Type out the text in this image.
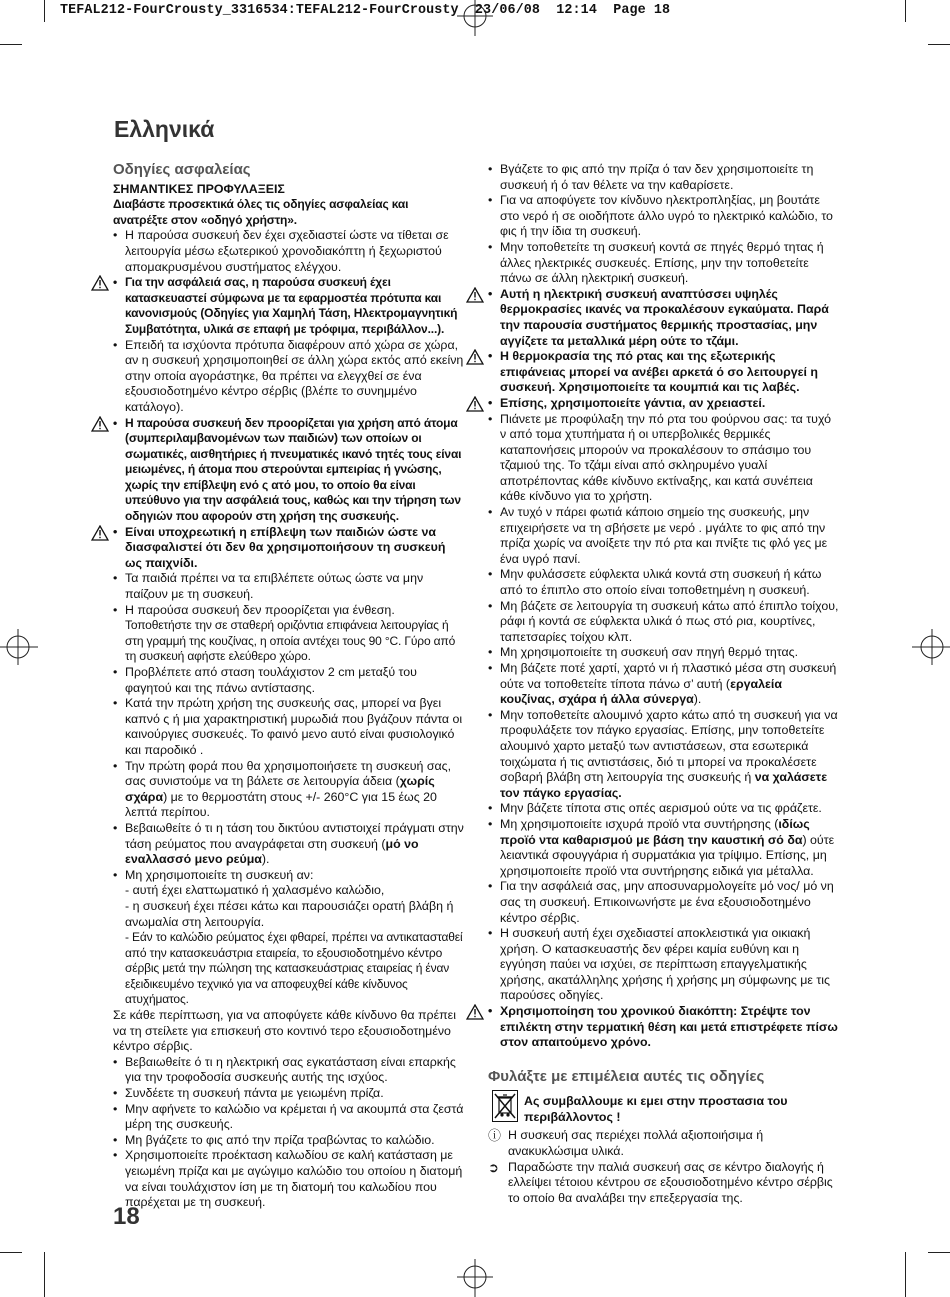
TEFAL212-FourCrousty_3316534:TEFAL212-FourCrousty  23/06/08  12:14  Page 18
Ελληνικά
Οδηγίες ασφαλείας

ΣΗΜΑΝΤΙΚΕΣ ΠΡΟΦΥΛΑΞΕΙΣ

Διαβάστε προσεκτικά όλες τις οδηγίες ασφαλείας και ανατρέξτε στον «οδηγό χρήστη».

• Η παρούσα συσκευή δεν έχει σχεδιαστεί ώστε να τίθεται σε λειτουργία μέσω εξωτερικού χρονοδιακόπτη ή ξεχωριστού απομακρυσμένου συστήματος ελέγχου.

• Για την ασφάλειά σας, η παρούσα συσκευή έχει κατασκευαστεί σύμφωνα με τα εφαρμοστέα πρότυπα και κανονισμούς (Οδηγίες για Χαμηλή Τάση, Ηλεκτρομαγνητική Συμβατότητα, υλικά σε επαφή με τρόφιμα, περιβάλλον...).

• Επειδή τα ισχύοντα πρότυπα διαφέρουν από χώρα σε χώρα, αν η συσκευή χρησιμοποιηθεί σε άλλη χώρα εκτός από εκείνη στην οποία αγοράστηκε, θα πρέπει να ελεγχθεί σε ένα εξουσιοδοτημένο κέντρο σέρβις (βλέπε το συνημμένο κατάλογο).

• Η παρούσα συσκευή δεν προορίζεται για χρήση από άτομα (συμπεριλαμβανομένων των παιδιών) των οποίων οι σωματικές, αισθητήριες ή πνευματικές ικανό τητές τους είναι μειωμένες, ή άτομα που στερούνται εμπειρίας ή γνώσης, χωρίς την επίβλεψη ενό ς ατό μου, το οποίο θα είναι υπεύθυνο για την ασφάλειά τους, καθώς και την τήρηση των οδηγιών που αφορούν στη χρήση της συσκευής.

• Είναι υποχρεωτική η επίβλεψη των παιδιών ώστε να διασφαλιστεί ότι δεν θα χρησιμοποιήσουν τη συσκευή ως παιχνίδι.

• Τα παιδιά πρέπει να τα επιβλέπετε ούτως ώστε να μην παίζουν με τη συσκευή.

• Η παρούσα συσκευή δεν προορίζεται για ένθεση.

Τοποθετήστε την σε σταθερή οριζόντια επιφάνεια λειτουργίας ή στη γραμμή της κουζίνας, η οποία αντέχει τους 90 °C. Γύρο από τη συσκευή αφήστε ελεύθερο χώρο.

• Προβλέπετε από σταση τουλάχιστον 2 cm μεταξύ του φαγητού και της πάνω αντίστασης.

• Κατά την πρώτη χρήση της συσκευής σας, μπορεί να βγει καπνό ς ή μια χαρακτηριστική μυρωδιά που βγάζουν πάντα οι καινούργιες συσκευές. Το φαινό μενο αυτό είναι φυσιολογικό και παροδικό .

• Την πρώτη φορά που θα χρησιμοποιήσετε τη συσκευή σας, σας συνιστούμε να τη βάλετε σε λειτουργία άδεια (χωρίς σχάρα) με το θερμοστάτη στους +/- 260°C για 15 έως 20 λεπτά περίπου.

• Βεβαιωθείτε ό τι η τάση του δικτύου αντιστοιχεί πράγματι στην τάση ρεύματος που αναγράφεται στη συσκευή (μό νο εναλλασσό μενο ρεύμα).

• Μη χρησιμοποιείτε τη συσκευή αν:

- αυτή έχει ελαττωματικό ή χαλασμένο καλώδιο,

- η συσκευή έχει πέσει κάτω και παρουσιάζει ορατή βλάβη ή ανωμαλία στη λειτουργία.

- Εάν το καλώδιο ρεύματος έχει φθαρεί, πρέπει να αντικατασταθεί από την κατασκευάστρια εταιρεία, το εξουσιοδοτημένο κέντρο σέρβις μετά την πώληση της κατασκευάστριας εταιρείας ή έναν εξειδικευμένο τεχνικό για να αποφευχθεί κάθε κίνδυνος ατυχήματος.

Σε κάθε περίπτωση, για να αποφύγετε κάθε κίνδυνο θα πρέπει να τη στείλετε για επισκευή στο κοντινό τερο εξουσιοδοτημένο κέντρο σέρβις.

• Βεβαιωθείτε ό τι η ηλεκτρική σας εγκατάσταση είναι επαρκής για την τροφοδοσία συσκευής αυτής της ισχύος.

• Συνδέετε τη συσκευή πάντα με γειωμένη πρίζα.

• Μην αφήνετε το καλώδιο να κρέμεται ή να ακουμπά στα ζεστά μέρη της συσκευής.

• Μη βγάζετε το φις από την πρίζα τραβώντας το καλώδιο.

• Χρησιμοποιείτε προέκταση καλωδίου σε καλή κατάσταση με γειωμένη πρίζα και με αγώγιμο καλώδιο του οποίου η διατομή να είναι τουλάχιστον ίση με τη διατομή του καλωδίου που παρέχεται με τη συσκευή.

• Βγάζετε το φις από την πρίζα ό ταν δεν χρησιμοποιείτε τη συσκευή ή ό ταν θέλετε να την καθαρίσετε.

• Για να αποφύγετε τον κίνδυνο ηλεκτροπληξίας, μη βουτάτε στο νερό ή σε οιοδήποτε άλλο υγρό το ηλεκτρικό καλώδιο, το φις ή την ίδια τη συσκευή.

• Μην τοποθετείτε τη συσκευή κοντά σε πηγές θερμό τητας ή άλλες ηλεκτρικές συσκευές. Επίσης, μην την τοποθετείτε πάνω σε άλλη ηλεκτρική συσκευή.

• Αυτή η ηλεκτρική συσκευή αναπτύσσει υψηλές θερμοκρασίες ικανές να προκαλέσουν εγκαύματα. Παρά την παρουσία συστήματος θερμικής προστασίας, μην αγγίζετε τα μεταλλικά μέρη ούτε το τζάμι.

• Η θερμοκρασία της πό ρτας και της εξωτερικής επιφάνειας μπορεί να ανέβει αρκετά ό σο λειτουργεί η συσκευή. Χρησιμοποιείτε τα κουμπιά και τις λαβές.

• Επίσης, χρησιμοποιείτε γάντια, αν χρειαστεί.

• Πιάνετε με προφύλαξη την πό ρτα του φούρνου σας: τα τυχό ν από τομα χτυπήματα ή οι υπερβολικές θερμικές καταπονήσεις μπορούν να προκαλέσουν το σπάσιμο του τζαμιού της. Το τζάμι είναι από σκληρυμένο γυαλί αποτρέποντας κάθε κίνδυνο εκτίναξης, και κατά συνέπεια κάθε κίνδυνο για το χρήστη.

• Αν τυχό ν πάρει φωτιά κάποιο σημείο της συσκευής, μην επιχειρήσετε να τη σβήσετε με νερό . μγάλτε το φις από την πρίζα χωρίς να ανοίξετε την πό ρτα και πνίξτε τις φλό γες με ένα υγρό πανί.

• Μην φυλάσσετε εύφλεκτα υλικά κοντά στη συσκευή ή κάτω από το έπιπλο στο οποίο είναι τοποθετημένη η συσκευή.

• Μη βάζετε σε λειτουργία τη συσκευή κάτω από έπιπλο τοίχου, ράφι ή κοντά σε εύφλεκτα υλικά ό πως στό ρια, κουρτίνες, ταπετσαρίες τοίχου κλπ.

• Μη χρησιμοποιείτε τη συσκευή σαν πηγή θερμό τητας.

• Μη βάζετε ποτέ χαρτί, χαρτό νι ή πλαστικό μέσα στη συσκευή ούτε να τοποθετείτε τίποτα πάνω σ’ αυτή (εργαλεία κουζίνας, σχάρα ή άλλα σύνεργα).

• Μην τοποθετείτε αλουμινό χαρτο κάτω από τη συσκευή για να προφυλάξετε τον πάγκο εργασίας. Επίσης, μην τοποθετείτε αλουμινό χαρτο μεταξύ των αντιστάσεων, στα εσωτερικά τοιχώματα ή τις αντιστάσεις, διό τι μπορεί να προκαλέσετε σοβαρή βλάβη στη λειτουργία της συσκευής ή να χαλάσετε τον πάγκο εργασίας.

• Μην βάζετε τίποτα στις οπές αερισμού ούτε να τις φράζετε.

• Μη χρησιμοποιείτε ισχυρά προϊό ντα συντήρησης (ιδίως προϊό ντα καθαρισμού με βάση την καυστική σό δα) ούτε λειαντικά σφουγγάρια ή συρματάκια για τρίψιμο. Επίσης, μη χρησιμοποιείτε προϊό ντα συντήρησης ειδικά για μέταλλα.

• Για την ασφάλειά σας, μην αποσυναρμολογείτε μό νος/ μό νη σας τη συσκευή. Επικοινωνήστε με ένα εξουσιοδοτημένο κέντρο σέρβις.

• Η συσκευή αυτή έχει σχεδιαστεί αποκλειστικά για οικιακή χρήση. Ο κατασκευαστής δεν φέρει καμία ευθύνη και η εγγύηση παύει να ισχύει, σε περίπτωση επαγγελματικής χρήσης, ακατάλληλης χρήσης ή χρήσης μη σύμφωνης με τις παρούσες οδηγίες.

• Χρησιμοποίηση του χρονικού διακόπτη: Στρέψτε τον επιλέκτη στην τερματική θέση και μετά επιστρέφετε πίσω στον απαιτούμενο χρόνο.

Φυλάξτε με επιμέλεια αυτές τις οδηγίες
Ας συμβαλλουμε κι εμει στην προστασια του περιβάλλοντος !

ⓘ Η συσκευή σας περιέχει πολλά αξιοποιήσιμα ή ανακυκλώσιμα υλικά.

➲ Παραδώστε την παλιά συσκευή σας σε κέντρο διαλογής ή ελλείψει τέτοιου κέντρου σε εξουσιοδοτημένο κέντρο σέρβις το οποίο θα αναλάβει την επεξεργασία της.

18
